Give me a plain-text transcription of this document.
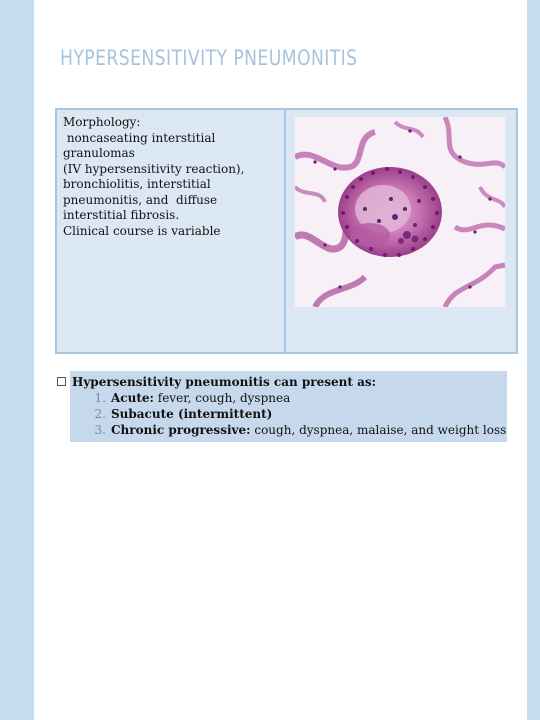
HYPERSENSITIVITY PNEUMONITIS
Morphology:
noncaseating interstitial
granulomas
(IV hypersensitivity reaction),
bronchiolitis, interstitial
pneumonitis, and  diffuse
interstitial fibrosis.
Clinical course is variable
Hypersensitivity pneumonitis can present as:
1. Acute: fever, cough, dyspnea
2. Subacute (intermittent)
3. Chronic progressive: cough, dyspnea, malaise, and weight loss
